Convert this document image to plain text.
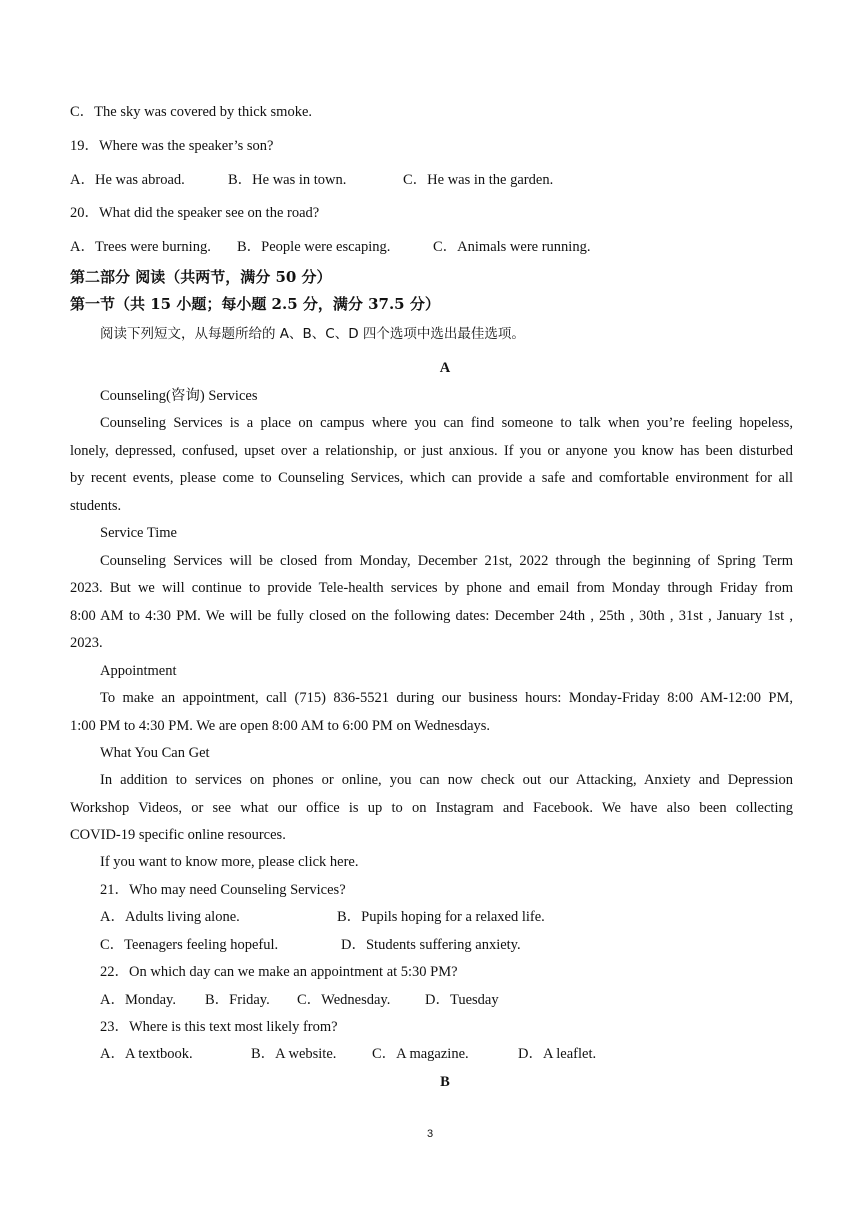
C．The sky was covered by thick smoke.
19．Where was the speaker’s son?
A．He was abroad.	B．He was in town.	C．He was in the garden.
20．What did the speaker see on the road?
A．Trees were burning. B．People were escaping.	C．Animals were running.
第二部分 阅读（共两节，满分 50 分）
第一节（共 15 小题；每小题 2.5 分，满分 37.5 分）
阅读下列短文，从每题所给的 A、B、C、D 四个选项中选出最佳选项。
A
Counseling(咨询) Services
Counseling Services is a place on campus where you can find someone to talk when you’re feeling hopeless,
lonely, depressed, confused, upset over a relationship, or just anxious. If you or anyone you know has been disturbed
by recent events, please come to Counseling Services, which can provide a safe and comfortable environment for all
students.
Service Time
Counseling Services will be closed from Monday, December 21st, 2022 through the beginning of Spring Term
2023. But we will continue to provide Tele-health services by phone and email from Monday through Friday from
8:00 AM to 4:30 PM. We will be fully closed on the following dates: December 24th , 25th , 30th , 31st , January 1st ,
2023.
Appointment
To make an appointment, call (715) 836-5521 during our business hours: Monday-Friday 8:00 AM-12:00 PM,
1:00 PM to 4:30 PM. We are open 8:00 AM to 6:00 PM on Wednesdays.
What You Can Get
In addition to services on phones or online, you can now check out our Attacking, Anxiety and Depression
Workshop Videos, or see what our office is up to on Instagram and Facebook. We have also been collecting
COVID-19 specific online resources.
If you want to know more, please click here.
21．Who may need Counseling Services?
A．Adults living alone.	B．Pupils hoping for a relaxed life.
C．Teenagers feeling hopeful.	D．Students suffering anxiety.
22．On which day can we make an appointment at 5:30 PM?
A．Monday. B．Friday. C．Wednesday. D．Tuesday
23．Where is this text most likely from?
A．A textbook.	B．A website. C．A magazine.	D．A leaflet.
B
3
